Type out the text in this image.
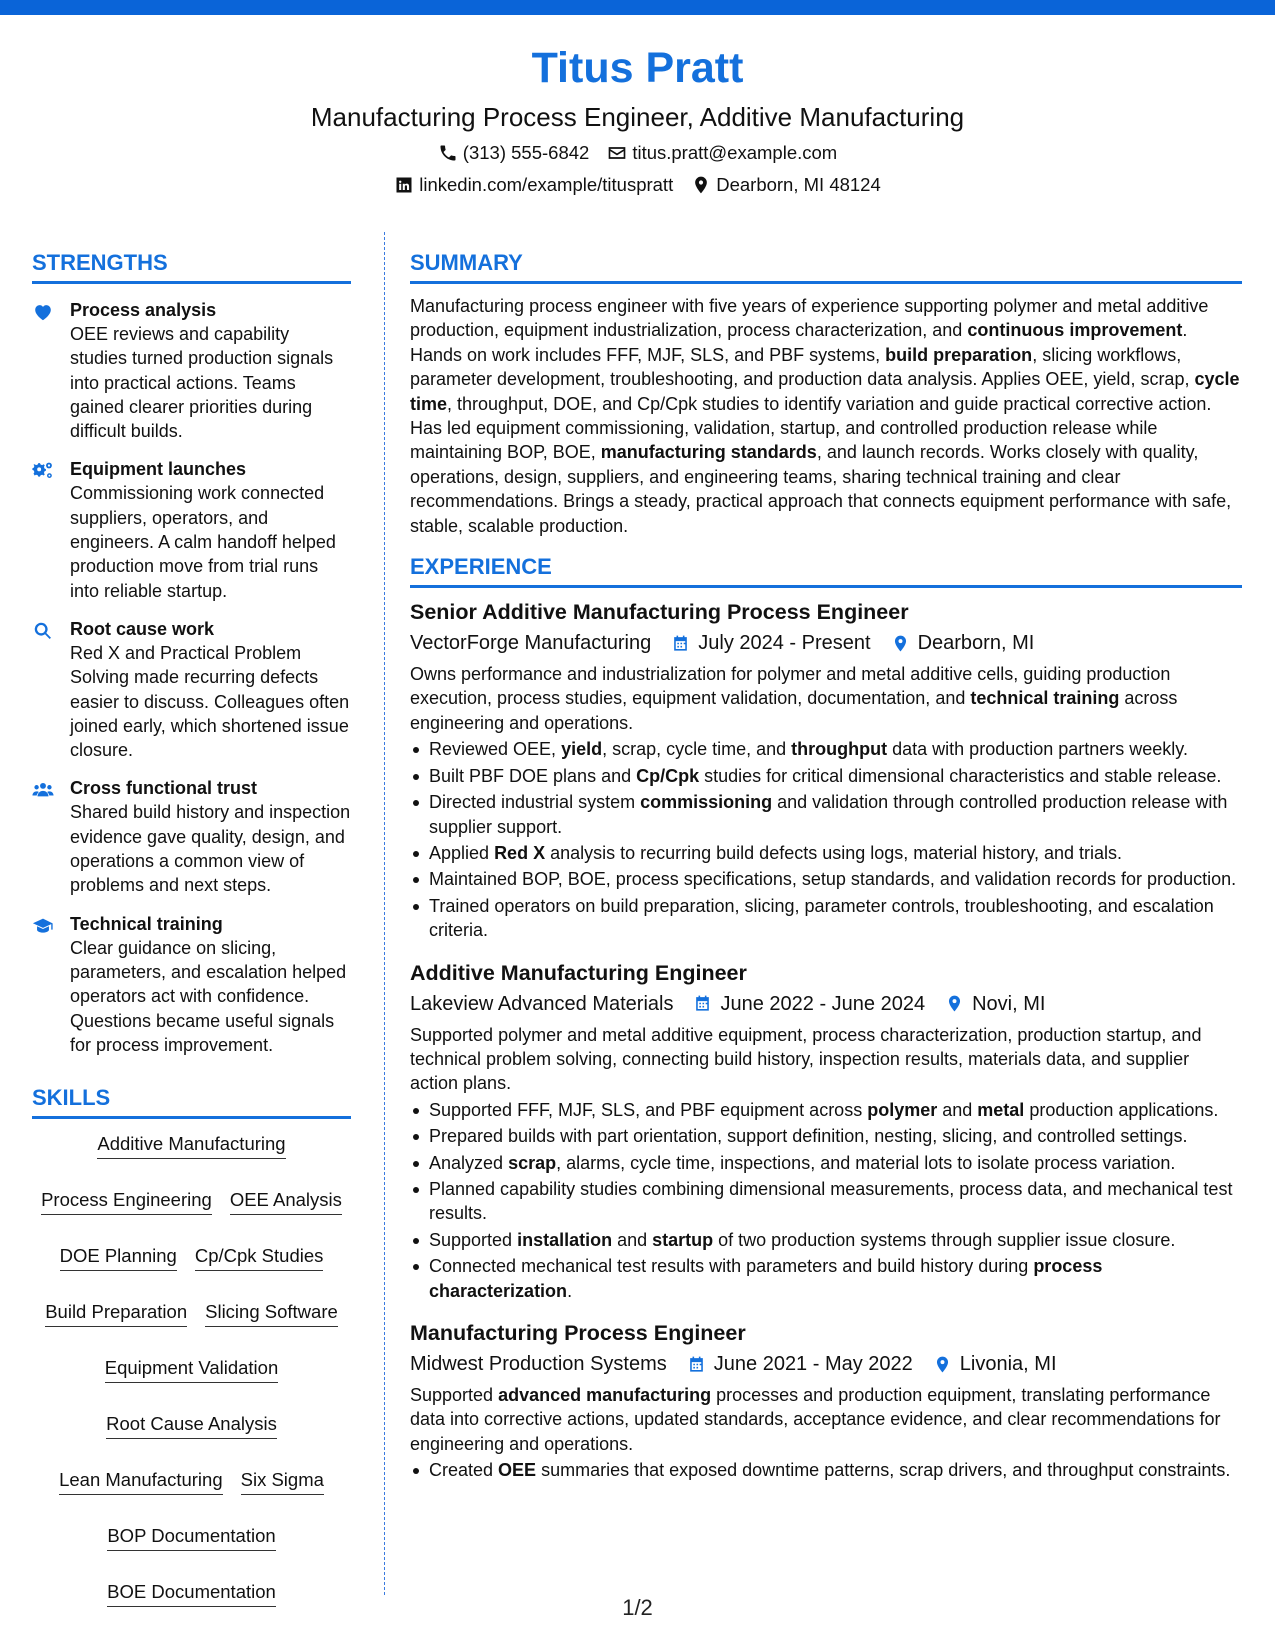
Titus Pratt
Manufacturing Process Engineer, Additive Manufacturing
(313) 555-6842 titus.pratt@example.com
linkedin.com/example/tituspratt Dearborn, MI 48124
STRENGTHS
Process analysis
OEE reviews and capability studies turned production signals into practical actions. Teams gained clearer priorities during difficult builds.
Equipment launches
Commissioning work connected suppliers, operators, and engineers. A calm handoff helped production move from trial runs into reliable startup.
Root cause work
Red X and Practical Problem Solving made recurring defects easier to discuss. Colleagues often joined early, which shortened issue closure.
Cross functional trust
Shared build history and inspection evidence gave quality, design, and operations a common view of problems and next steps.
Technical training
Clear guidance on slicing, parameters, and escalation helped operators act with confidence. Questions became useful signals for process improvement.
SKILLS
Additive Manufacturing
Process Engineering OEE Analysis
DOE Planning Cp/Cpk Studies
Build Preparation Slicing Software
Equipment Validation
Root Cause Analysis
Lean Manufacturing Six Sigma
BOP Documentation
BOE Documentation
SUMMARY

Manufacturing process engineer with five years of experience supporting polymer and metal additive production, equipment industrialization, process characterization, and continuous improvement. Hands on work includes FFF, MJF, SLS, and PBF systems, build preparation, slicing workflows, parameter development, troubleshooting, and production data analysis. Applies OEE, yield, scrap, cycle time, throughput, DOE, and Cp/Cpk studies to identify variation and guide practical corrective action. Has led equipment commissioning, validation, startup, and controlled production release while maintaining BOP, BOE, manufacturing standards, and launch records. Works closely with quality, operations, design, suppliers, and engineering teams, sharing technical training and clear recommendations. Brings a steady, practical approach that connects equipment performance with safe, stable, scalable production.

EXPERIENCE
Senior Additive Manufacturing Process Engineer
VectorForge Manufacturing July 2024 - Present Dearborn, MI

Owns performance and industrialization for polymer and metal additive cells, guiding production execution, process studies, equipment validation, documentation, and technical training across engineering and operations.

Reviewed OEE, yield, scrap, cycle time, and throughput data with production partners weekly.
Built PBF DOE plans and Cp/Cpk studies for critical dimensional characteristics and stable release.
Directed industrial system commissioning and validation through controlled production release with supplier support.
Applied Red X analysis to recurring build defects using logs, material history, and trials.
Maintained BOP, BOE, process specifications, setup standards, and validation records for production.
Trained operators on build preparation, slicing, parameter controls, troubleshooting, and escalation criteria.
Additive Manufacturing Engineer
Lakeview Advanced Materials June 2022 - June 2024 Novi, MI

Supported polymer and metal additive equipment, process characterization, production startup, and technical problem solving, connecting build history, inspection results, materials data, and supplier action plans.

Supported FFF, MJF, SLS, and PBF equipment across polymer and metal production applications.
Prepared builds with part orientation, support definition, nesting, slicing, and controlled settings.
Analyzed scrap, alarms, cycle time, inspections, and material lots to isolate process variation.
Planned capability studies combining dimensional measurements, process data, and mechanical test results.
Supported installation and startup of two production systems through supplier issue closure.
Connected mechanical test results with parameters and build history during process characterization.
Manufacturing Process Engineer
Midwest Production Systems June 2021 - May 2022 Livonia, MI

Supported advanced manufacturing processes and production equipment, translating performance data into corrective actions, updated standards, acceptance evidence, and clear recommendations for engineering and operations.

Created OEE summaries that exposed downtime patterns, scrap drivers, and throughput constraints.
1/2
